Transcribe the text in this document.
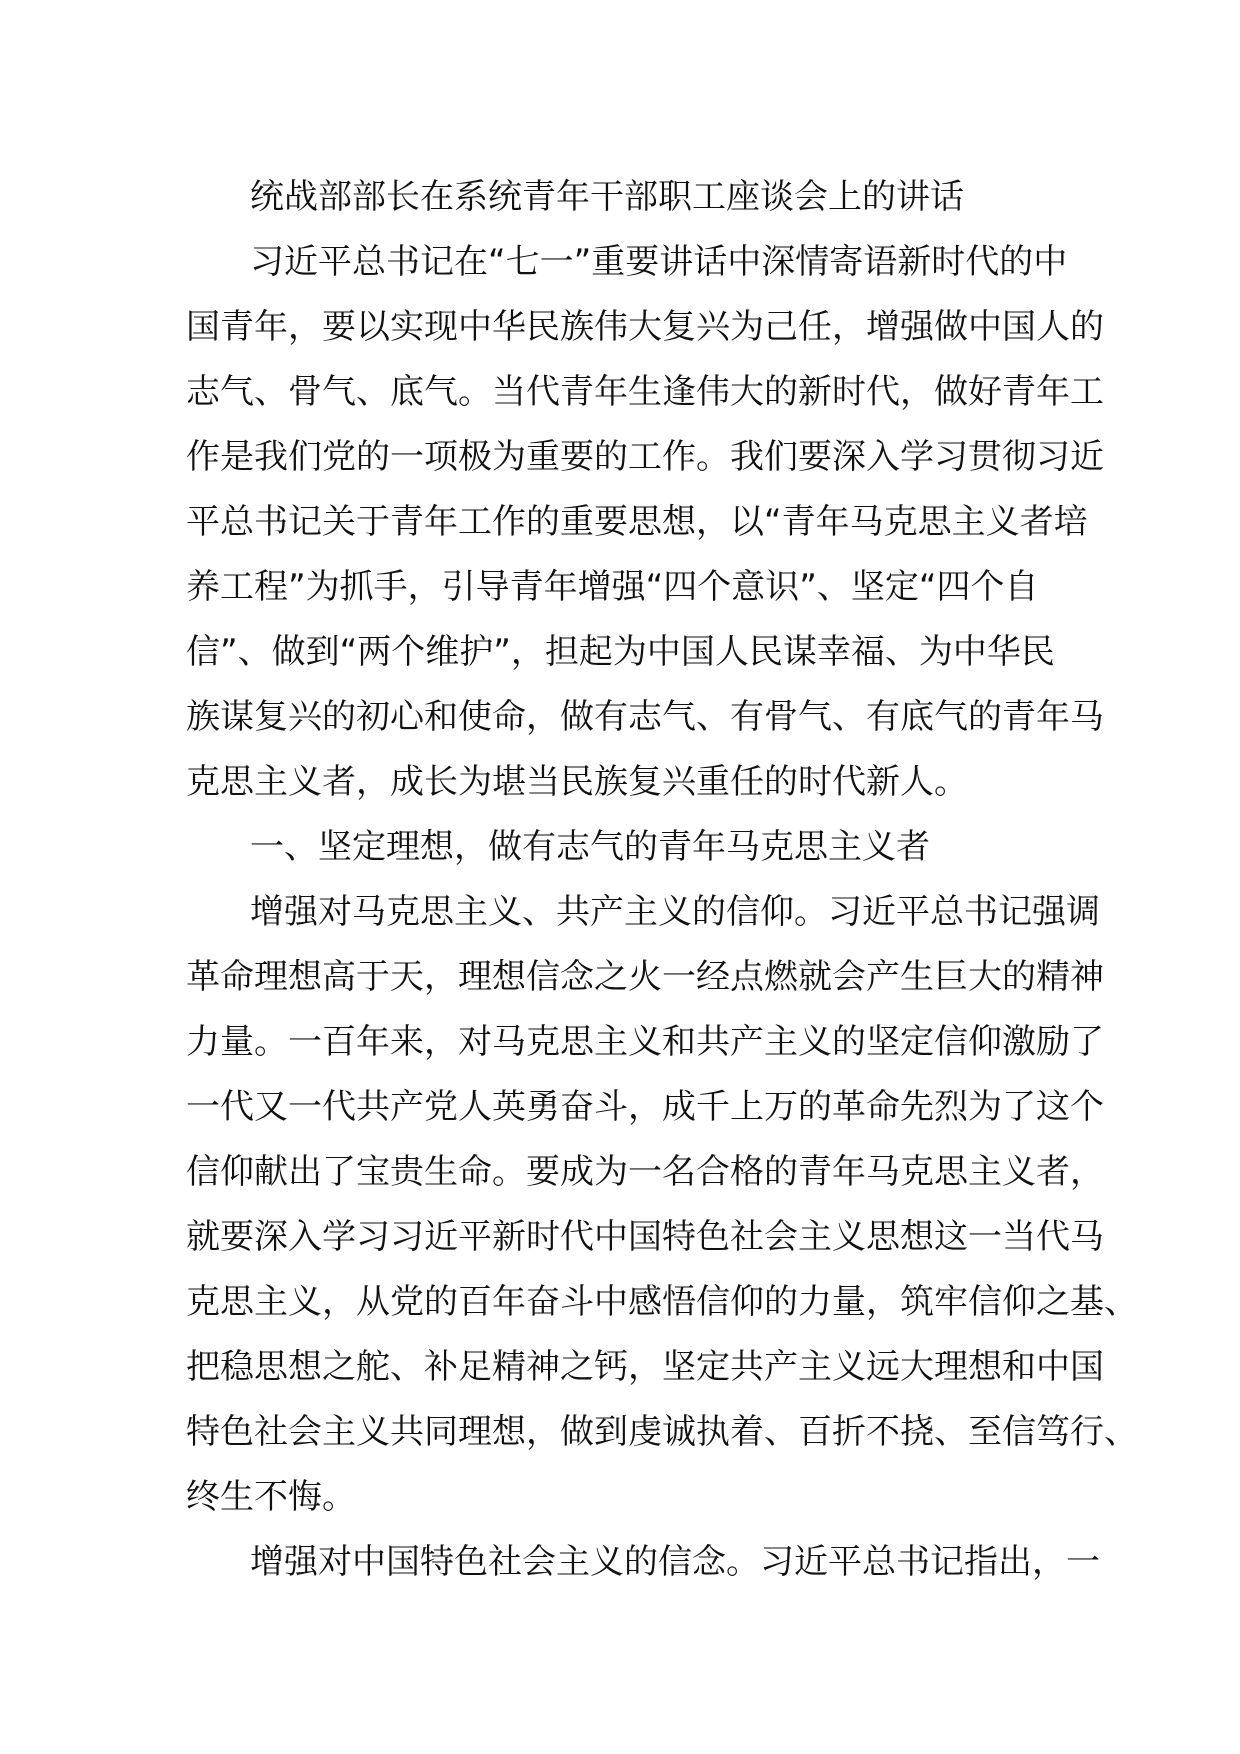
统战部部长在系统青年干部职工座谈会上的讲话
习近平总书记在“七一”重要讲话中深情寄语新时代的中
国青年，要以实现中华民族伟大复兴为己任，增强做中国人的
志气、骨气、底气。当代青年生逢伟大的新时代，做好青年工
作是我们党的一项极为重要的工作。我们要深入学习贯彻习近
平总书记关于青年工作的重要思想，以“青年马克思主义者培
养工程”为抓手，引导青年增强“四个意识”、坚定“四个自
信”、做到“两个维护”，担起为中国人民谋幸福、为中华民
族谋复兴的初心和使命，做有志气、有骨气、有底气的青年马
克思主义者，成长为堪当民族复兴重任的时代新人。
一、坚定理想，做有志气的青年马克思主义者
增强对马克思主义、共产主义的信仰。习近平总书记强调
革命理想高于天，理想信念之火一经点燃就会产生巨大的精神
力量。一百年来，对马克思主义和共产主义的坚定信仰激励了
一代又一代共产党人英勇奋斗，成千上万的革命先烈为了这个
信仰献出了宝贵生命。要成为一名合格的青年马克思主义者，
就要深入学习习近平新时代中国特色社会主义思想这一当代马
克思主义，从党的百年奋斗中感悟信仰的力量，筑牢信仰之基、
把稳思想之舵、补足精神之钙，坚定共产主义远大理想和中国
特色社会主义共同理想，做到虔诚执着、百折不挠、至信笃行、
终生不悔。
增强对中国特色社会主义的信念。习近平总书记指出，一
